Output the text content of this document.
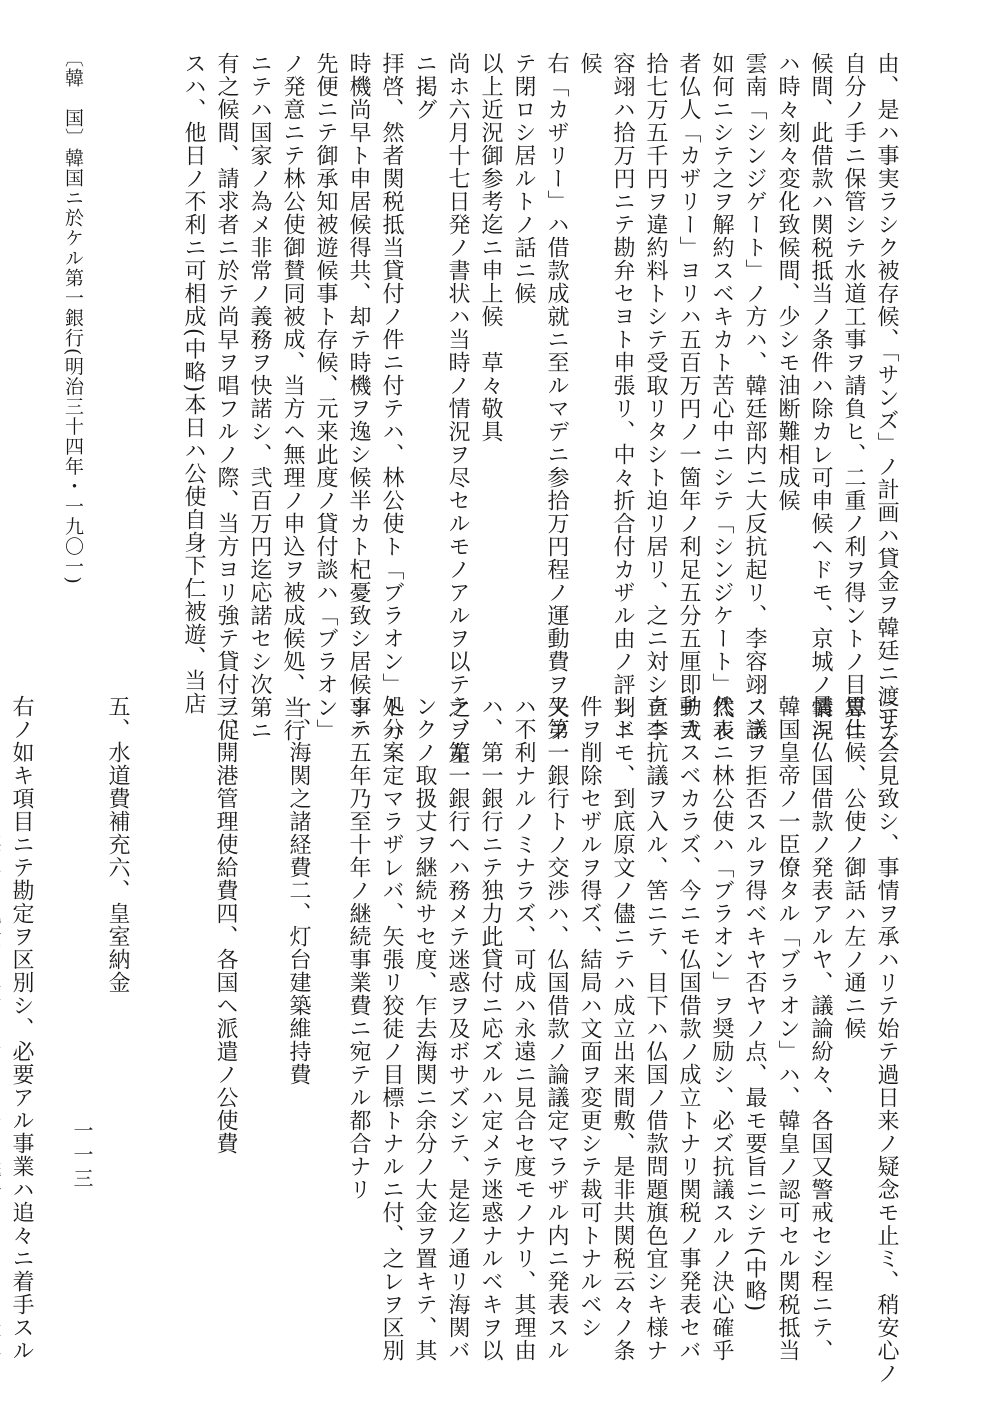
由、是ハ事実ラシク被存候、「サンズ」ノ計画ハ貸金ヲ韓廷ニ渡サズ
自分ノ手ニ保管シテ水道工事ヲ請負ヒ、二重ノ利ヲ得ントノ目算ニ
候間、此借款ハ関税抵当ノ条件ハ除カレ可申候ヘドモ、京城ノ情況
ハ時々刻々変化致候間、少シモ油断難相成候
雲南「シンジゲート」ノ方ハ、韓廷部内ニ大反抗起リ、李容翊スラ
如何ニシテ之ヲ解約スベキカト苦心中ニシテ「シンジケート」代表
者仏人「カザリー」ヨリハ五百万円ノ一箇年ノ利足五分五厘即チ弐
拾七万五千円ヲ違約料トシテ受取リタシト迫リ居リ、之ニ対シテ李
容翊ハ拾万円ニテ勘弁セヨト申張リ、中々折合付カザル由ノ評判ニ
候
右「カザリー」ハ借款成就ニ至ルマデニ参拾万円程ノ運動費ヲ失フ
テ閉ロシ居ルトノ話ニ候
以上近況御参考迄ニ申上候　草々敬具
尚ホ六月十七日発ノ書状ハ当時ノ情況ヲ尽セルモノアルヲ以テ之ヲ左
ニ掲グ
拝啓、然者関税抵当貸付ノ件ニ付テハ、林公使ト「ブラオン」トハ
時機尚早ト申居候得共、却テ時機ヲ逸シ候半カト杞憂致シ居候事ハ
先便ニテ御承知被遊候事ト存候、元来此度ノ貸付談ハ「ブラオン」
ノ発意ニテ林公使御賛同被成、当方ヘ無理ノ申込ヲ被成候処、当行
ニテハ国家ノ為メ非常ノ義務ヲ快諾シ、弐百万円迄応諾セシ次第ニ
有之候間、請求者ニ於テ尚早ヲ唱フルノ際、当方ヨリ強テ貸付ヲ促
スハ、他日ノ不利ニ可相成(中略)本日ハ公使自身下仁被遊、当店
ニテ会見致シ、事情ヲ承ハリテ始テ過日来ノ疑念モ止ミ、稍安心ノ
思仕候、公使ノ御話ハ左ノ通ニ候
曩ニ仏国借款ノ発表アルヤ、議論紛々、各国又警戒セシ程ニテ、
韓国皇帝ノ一臣僚タル「ブラオン」ハ、韓皇ノ認可セル関税抵当
ノ議ヲ拒否スルヲ得ベキヤ否ヤノ点、最モ要旨ニシテ(中略)
然ルニ林公使ハ「ブラオン」ヲ奨励シ、必ズ抗議スルノ決心確乎
動カスベカラズ、今ニモ仏国借款ノ成立トナリ関税ノ事発表セバ
直ニ抗議ヲ入ル、筈ニテ、目下ハ仏国ノ借款問題旗色宜シキ様ナ
レドモ、到底原文ノ儘ニテハ成立出来間敷、是非共関税云々ノ条
件ヲ削除セザルヲ得ズ、結局ハ文面ヲ変更シテ裁可トナルベシ
又第一銀行トノ交渉ハ、仏国借款ノ論議定マラザル内ニ発表スル
ハ不利ナルノミナラズ、可成ハ永遠ニ見合セ度モノナリ、其理由
ハ、第一銀行ニテ独力此貸付ニ応ズルハ定メテ迷惑ナルベキヲ以
テ、第一銀行ヘハ務メテ迷惑ヲ及ボサズシテ、是迄ノ通リ海関バ
ンクノ取扱丈ヲ継続サセ度、乍去海関ニ余分ノ大金ヲ置キテ、其
処分案定マラザレバ、矢張リ狡徒ノ目標トナルニ付、之レヲ区別
シテ五年乃至十年ノ継続事業費ニ宛テル都合ナリ
一、海関之諸経費二、灯台建築維持費
三、開港管理使給費四、各国ヘ派遣ノ公使費
五、水道費補充六、皇室納金
右ノ如キ項目ニテ勘定ヲ区別シ、必要アル事業ハ追々ニ着手スル
〔韓　国〕韓国ニ於ケル第一銀行(明治三十四年・一九〇一)
一一三
